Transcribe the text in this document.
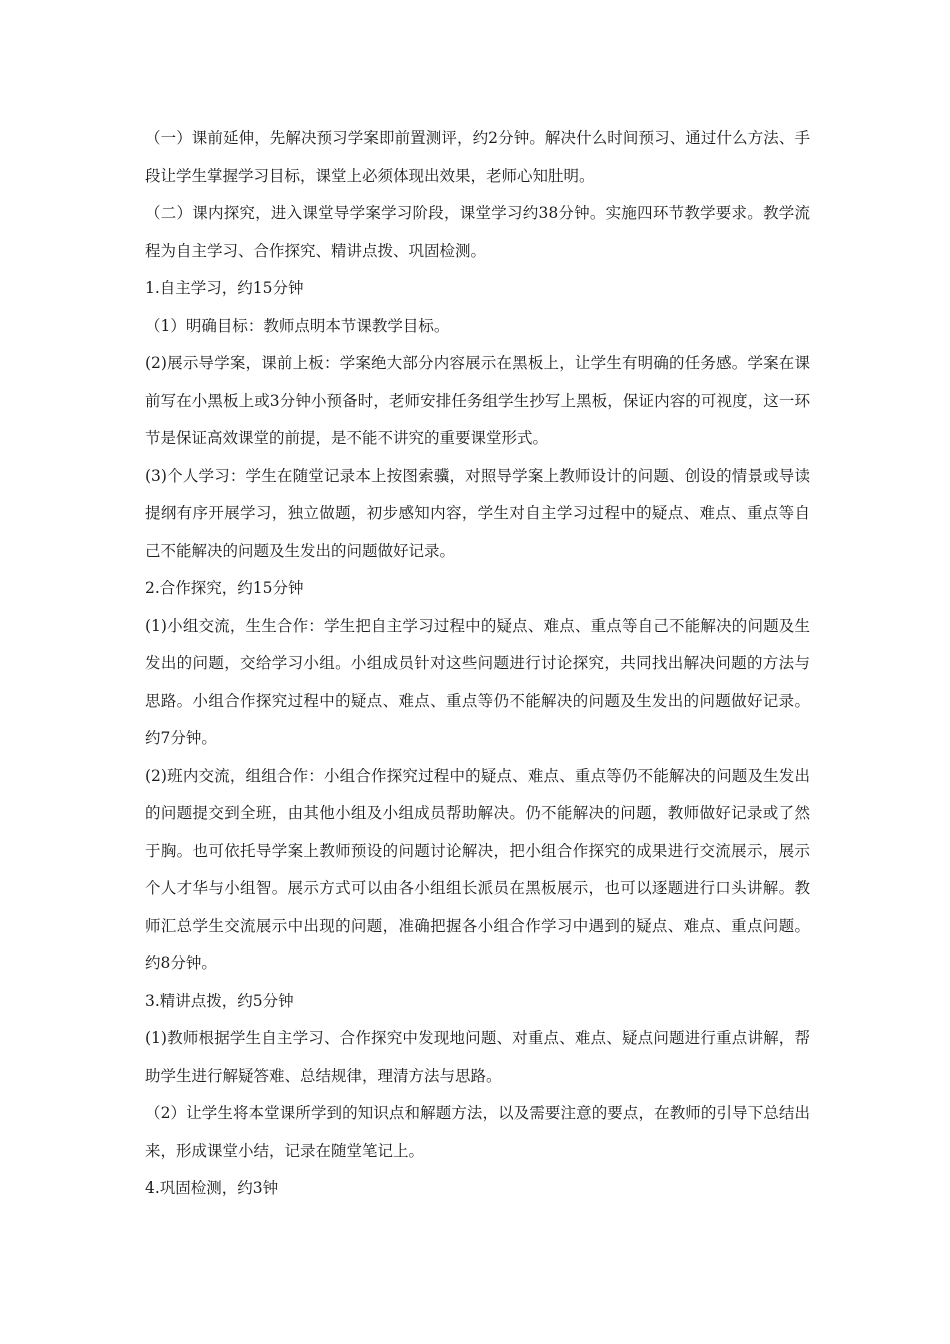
（一）课前延伸，先解决预习学案即前置测评，约2分钟。解决什么时间预习、通过什么方法、手段让学生掌握学习目标，课堂上必须体现出效果，老师心知肚明。

（二）课内探究，进入课堂导学案学习阶段，课堂学习约38分钟。实施四环节教学要求。教学流程为自主学习、合作探究、精讲点拨、巩固检测。

1.自主学习，约15分钟

（1）明确目标：教师点明本节课教学目标。

(2)展示导学案，课前上板：学案绝大部分内容展示在黑板上，让学生有明确的任务感。学案在课前写在小黑板上或3分钟小预备时，老师安排任务组学生抄写上黑板，保证内容的可视度，这一环节是保证高效课堂的前提，是不能不讲究的重要课堂形式。

(3)个人学习：学生在随堂记录本上按图索骥，对照导学案上教师设计的问题、创设的情景或导读提纲有序开展学习，独立做题，初步感知内容，学生对自主学习过程中的疑点、难点、重点等自己不能解决的问题及生发出的问题做好记录。

2.合作探究，约15分钟

(1)小组交流，生生合作：学生把自主学习过程中的疑点、难点、重点等自己不能解决的问题及生发出的问题，交给学习小组。小组成员针对这些问题进行讨论探究，共同找出解决问题的方法与思路。小组合作探究过程中的疑点、难点、重点等仍不能解决的问题及生发出的问题做好记录。约7分钟。

(2)班内交流，组组合作：小组合作探究过程中的疑点、难点、重点等仍不能解决的问题及生发出的问题提交到全班，由其他小组及小组成员帮助解决。仍不能解决的问题，教师做好记录或了然于胸。也可依托导学案上教师预设的问题讨论解决，把小组合作探究的成果进行交流展示，展示个人才华与小组智。展示方式可以由各小组组长派员在黑板展示，也可以逐题进行口头讲解。教师汇总学生交流展示中出现的问题，准确把握各小组合作学习中遇到的疑点、难点、重点问题。约8分钟。

3.精讲点拨，约5分钟

(1)教师根据学生自主学习、合作探究中发现地问题、对重点、难点、疑点问题进行重点讲解，帮助学生进行解疑答难、总结规律，理清方法与思路。

（2）让学生将本堂课所学到的知识点和解题方法，以及需要注意的要点，在教师的引导下总结出来，形成课堂小结，记录在随堂笔记上。

4.巩固检测，约3钟
